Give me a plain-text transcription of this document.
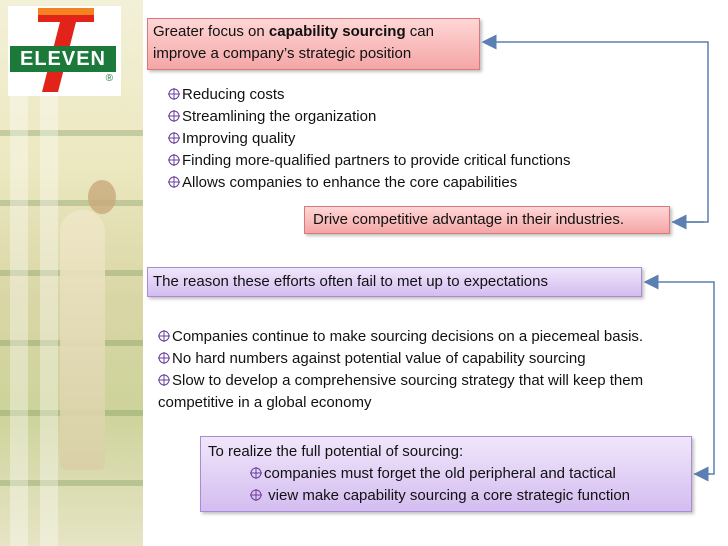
ELEVEN
®
Greater focus on capability sourcing can improve a company’s strategic position
Reducing costs
Streamlining the organization
Improving quality
Finding more-qualified partners to provide critical functions
Allows companies to enhance the core capabilities
Drive competitive advantage in their industries.
The reason these efforts often fail to met up to expectations
Companies continue to make sourcing decisions on a piecemeal basis.
No hard numbers against potential value of capability sourcing
Slow to develop a comprehensive sourcing strategy that will keep them competitive in a global economy
To realize the full potential of sourcing:
companies must forget the old peripheral and tactical
view make capability sourcing a core strategic function
